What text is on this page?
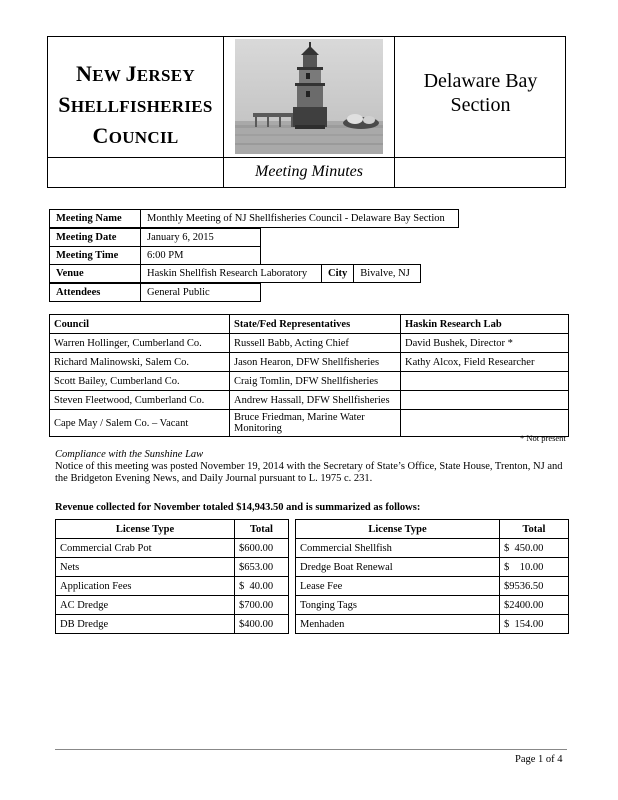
NEW JERSEY
SHELLFISHERIES
COUNCIL
Delaware Bay
Section
Meeting Minutes
Meeting Name	Monthly Meeting of NJ Shellfisheries Council - Delaware Bay Section
Meeting Date	January 6, 2015
Meeting Time	6:00 PM
Venue	Haskin Shellfish Research Laboratory	City	Bivalve, NJ
Attendees	General Public
Council	State/Fed Representatives	Haskin Research Lab
Warren Hollinger, Cumberland Co.	Russell Babb, Acting Chief	David Bushek, Director *
Richard Malinowski, Salem Co.	Jason Hearon, DFW Shellfisheries	Kathy Alcox, Field Researcher
Scott Bailey, Cumberland Co.	Craig Tomlin, DFW Shellfisheries	
Steven Fleetwood, Cumberland Co.	Andrew Hassall, DFW Shellfisheries	
Cape May / Salem Co. – Vacant	Bruce Friedman, Marine Water Monitoring	
* Not present
Compliance with the Sunshine Law
Notice of this meeting was posted November 19, 2014 with the Secretary of State’s Office, State House, Trenton, NJ and the Bridgeton Evening News, and Daily Journal pursuant to L. 1975 c. 231.
Revenue collected for November totaled $14,943.50 and is summarized as follows:
License Type	Total		License Type	Total
Commercial Crab Pot	$600.00		Commercial Shellfish	$  450.00
Nets	$653.00		Dredge Boat Renewal	$    10.00
Application Fees	$  40.00		Lease Fee	$9536.50
AC Dredge	$700.00		Tonging Tags	$2400.00
DB Dredge	$400.00		Menhaden	$  154.00
Page 1 of 4
